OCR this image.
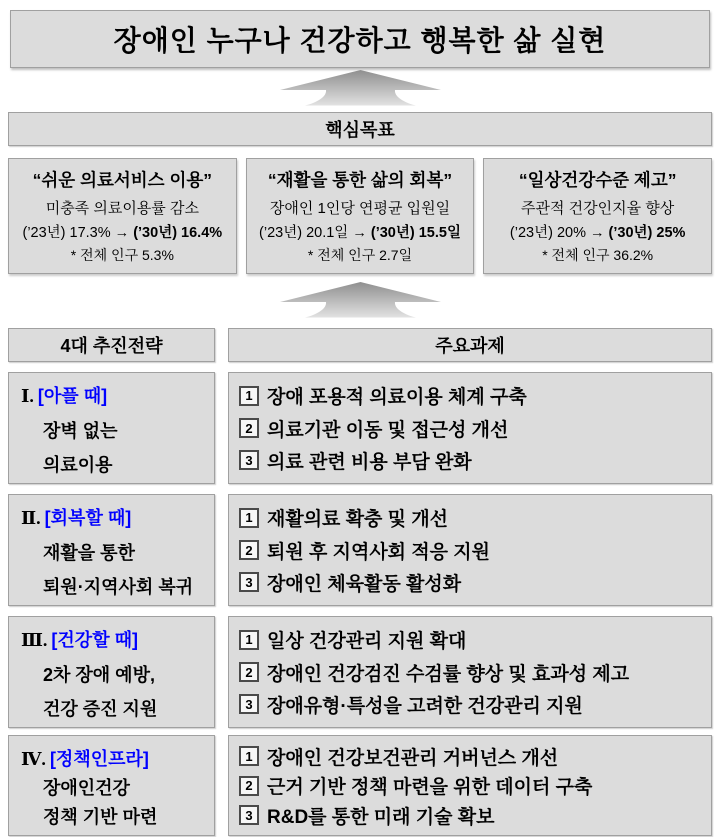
장애인 누구나 건강하고 행복한 삶 실현
핵심목표
“쉬운 의료서비스 이용”
미충족 의료이용률 감소
(’23년) 17.3% → (’30년) 16.4%
* 전체 인구 5.3%
“재활을 통한 삶의 회복”
장애인 1인당 연평균 입원일
(’23년) 20.1일 → (’30년) 15.5일
* 전체 인구 2.7일
“일상건강수준 제고”
주관적 건강인지율 향상
(’23년) 20% → (’30년) 25%
* 전체 인구 36.2%
4대 추진전략	주요과제
Ⅰ. [아플 때]
장벽 없는
의료이용
1 장애 포용적 의료이용 체계 구축
2 의료기관 이동 및 접근성 개선
3 의료 관련 비용 부담 완화
Ⅱ. [회복할 때]
재활을 통한
퇴원·지역사회 복귀
1 재활의료 확충 및 개선
2 퇴원 후 지역사회 적응 지원
3 장애인 체육활동 활성화
Ⅲ. [건강할 때]
2차 장애 예방,
건강 증진 지원
1 일상 건강관리 지원 확대
2 장애인 건강검진 수검률 향상 및 효과성 제고
3 장애유형·특성을 고려한 건강관리 지원
Ⅳ. [정책인프라]
장애인건강
정책 기반 마련
1 장애인 건강보건관리 거버넌스 개선
2 근거 기반 정책 마련을 위한 데이터 구축
3 R&D를 통한 미래 기술 확보
